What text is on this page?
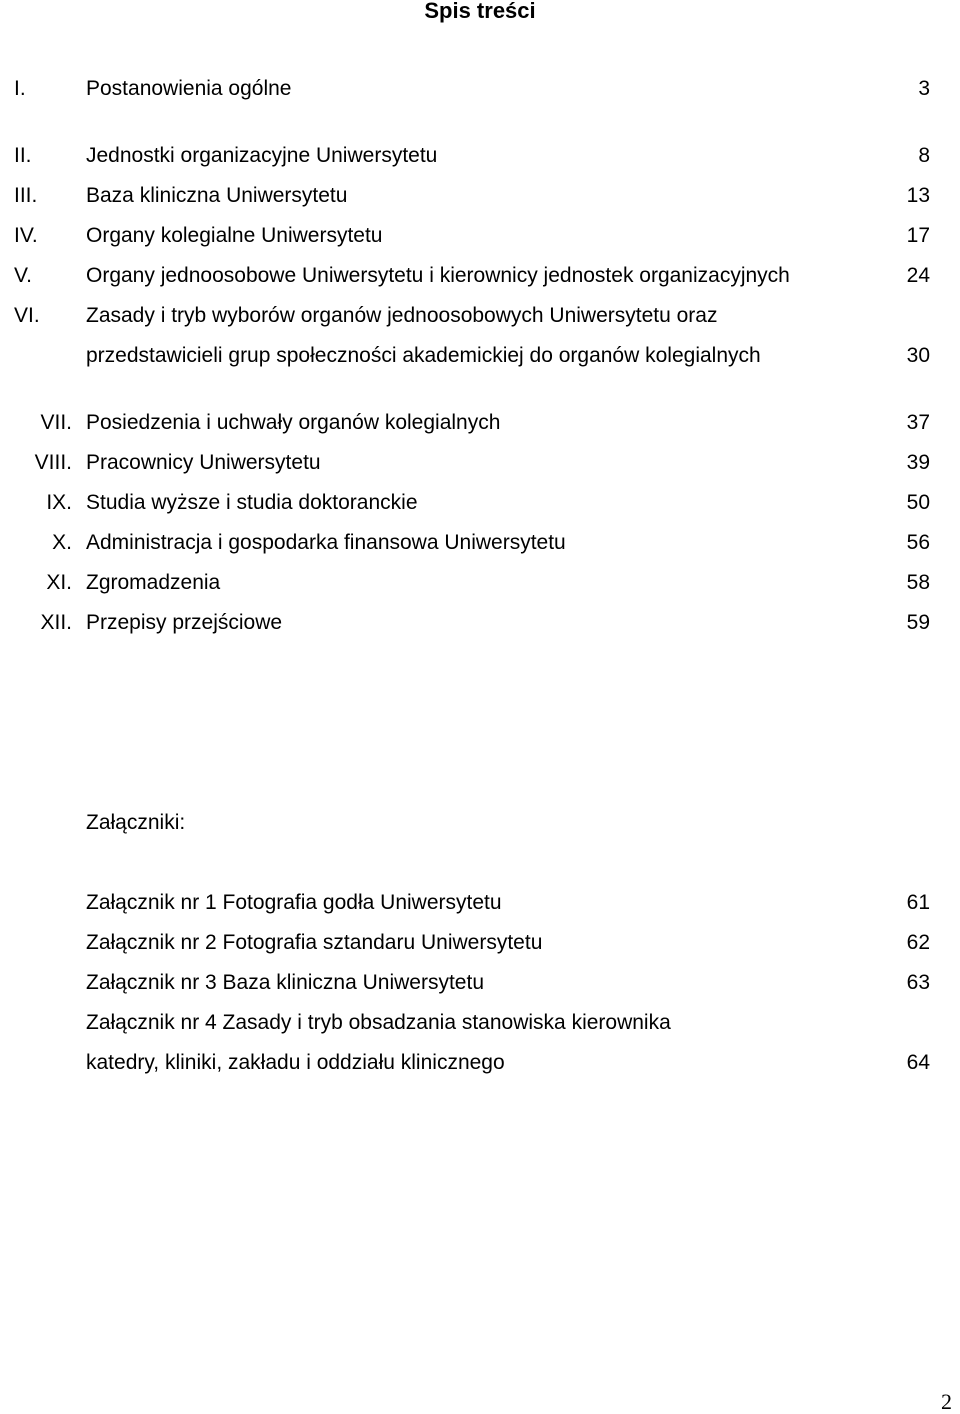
Spis treści
I.	Postanowienia ogólne	3
II.	Jednostki organizacyjne Uniwersytetu	8
III.	Baza kliniczna Uniwersytetu	13
IV.	Organy kolegialne Uniwersytetu	17
V.	Organy jednoosobowe Uniwersytetu i kierownicy jednostek organizacyjnych	24
VI.	Zasady i tryb wyborów organów jednoosobowych Uniwersytetu oraz
przedstawicieli grup społeczności akademickiej do organów kolegialnych	30
VII. Posiedzenia i uchwały organów kolegialnych	37
VIII. Pracownicy Uniwersytetu	39
IX. Studia wyższe i studia doktoranckie	50
X. Administracja i gospodarka finansowa Uniwersytetu	56
XI. Zgromadzenia	58
XII. Przepisy przejściowe	59
Załączniki:
Załącznik nr 1 Fotografia godła Uniwersytetu	61
Załącznik nr 2 Fotografia sztandaru Uniwersytetu	62
Załącznik nr 3 Baza kliniczna Uniwersytetu	63
Załącznik nr 4 Zasady i tryb obsadzania stanowiska kierownika
katedry, kliniki, zakładu i oddziału klinicznego	64
2
